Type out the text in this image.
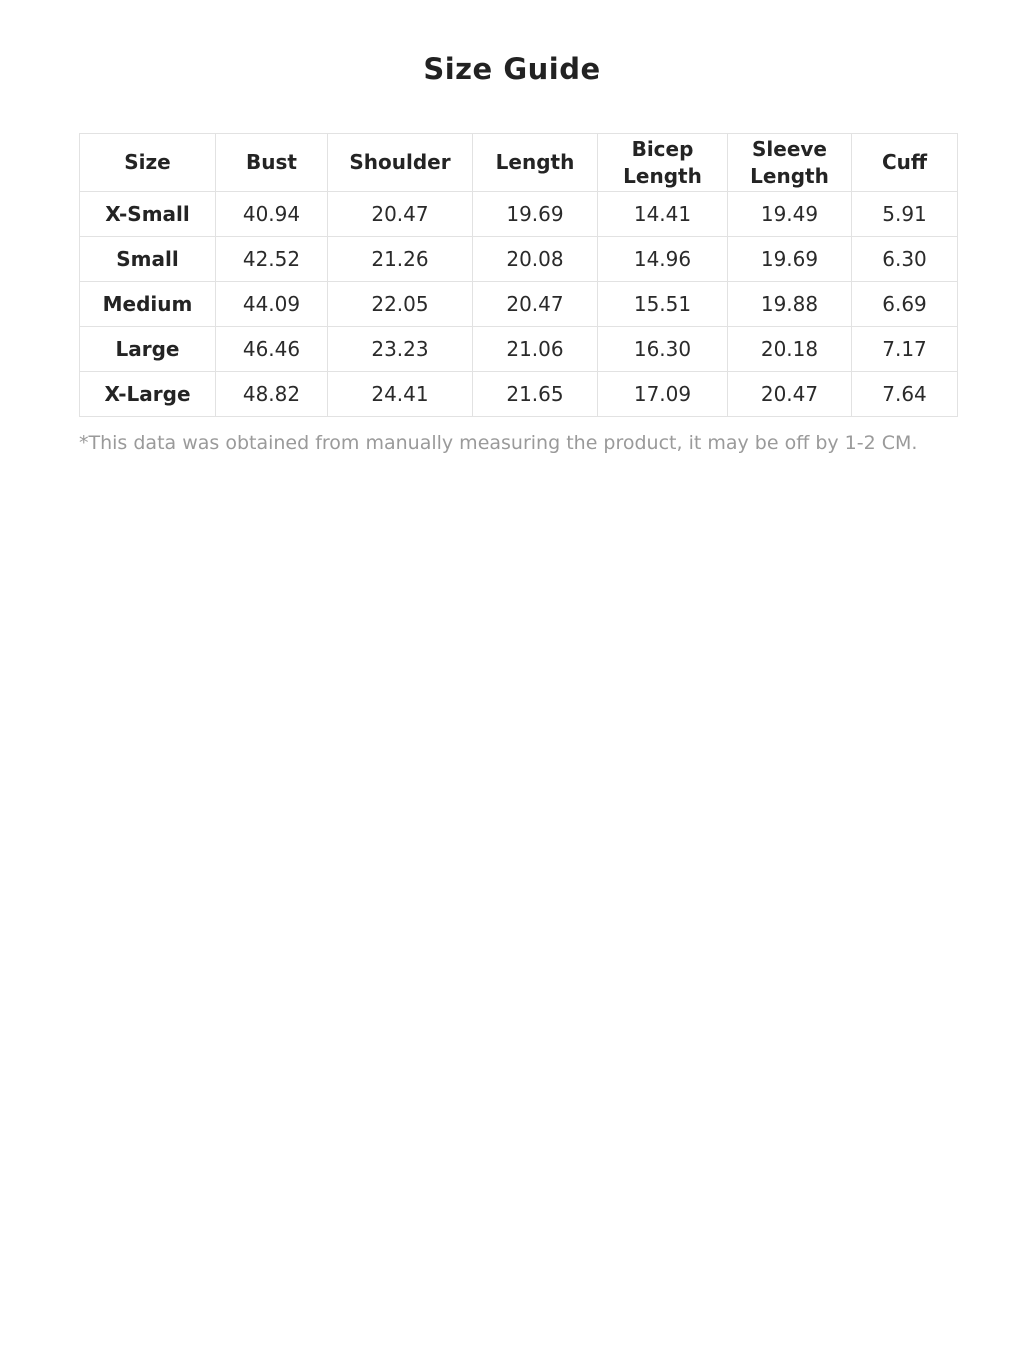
Size Guide
Size	Bust	Shoulder	Length	Bicep Length	Sleeve Length	Cuff
X-Small	40.94	20.47	19.69	14.41	19.49	5.91
Small	42.52	21.26	20.08	14.96	19.69	6.30
Medium	44.09	22.05	20.47	15.51	19.88	6.69
Large	46.46	23.23	21.06	16.30	20.18	7.17
X-Large	48.82	24.41	21.65	17.09	20.47	7.64
*This data was obtained from manually measuring the product, it may be off by 1-2 CM.
